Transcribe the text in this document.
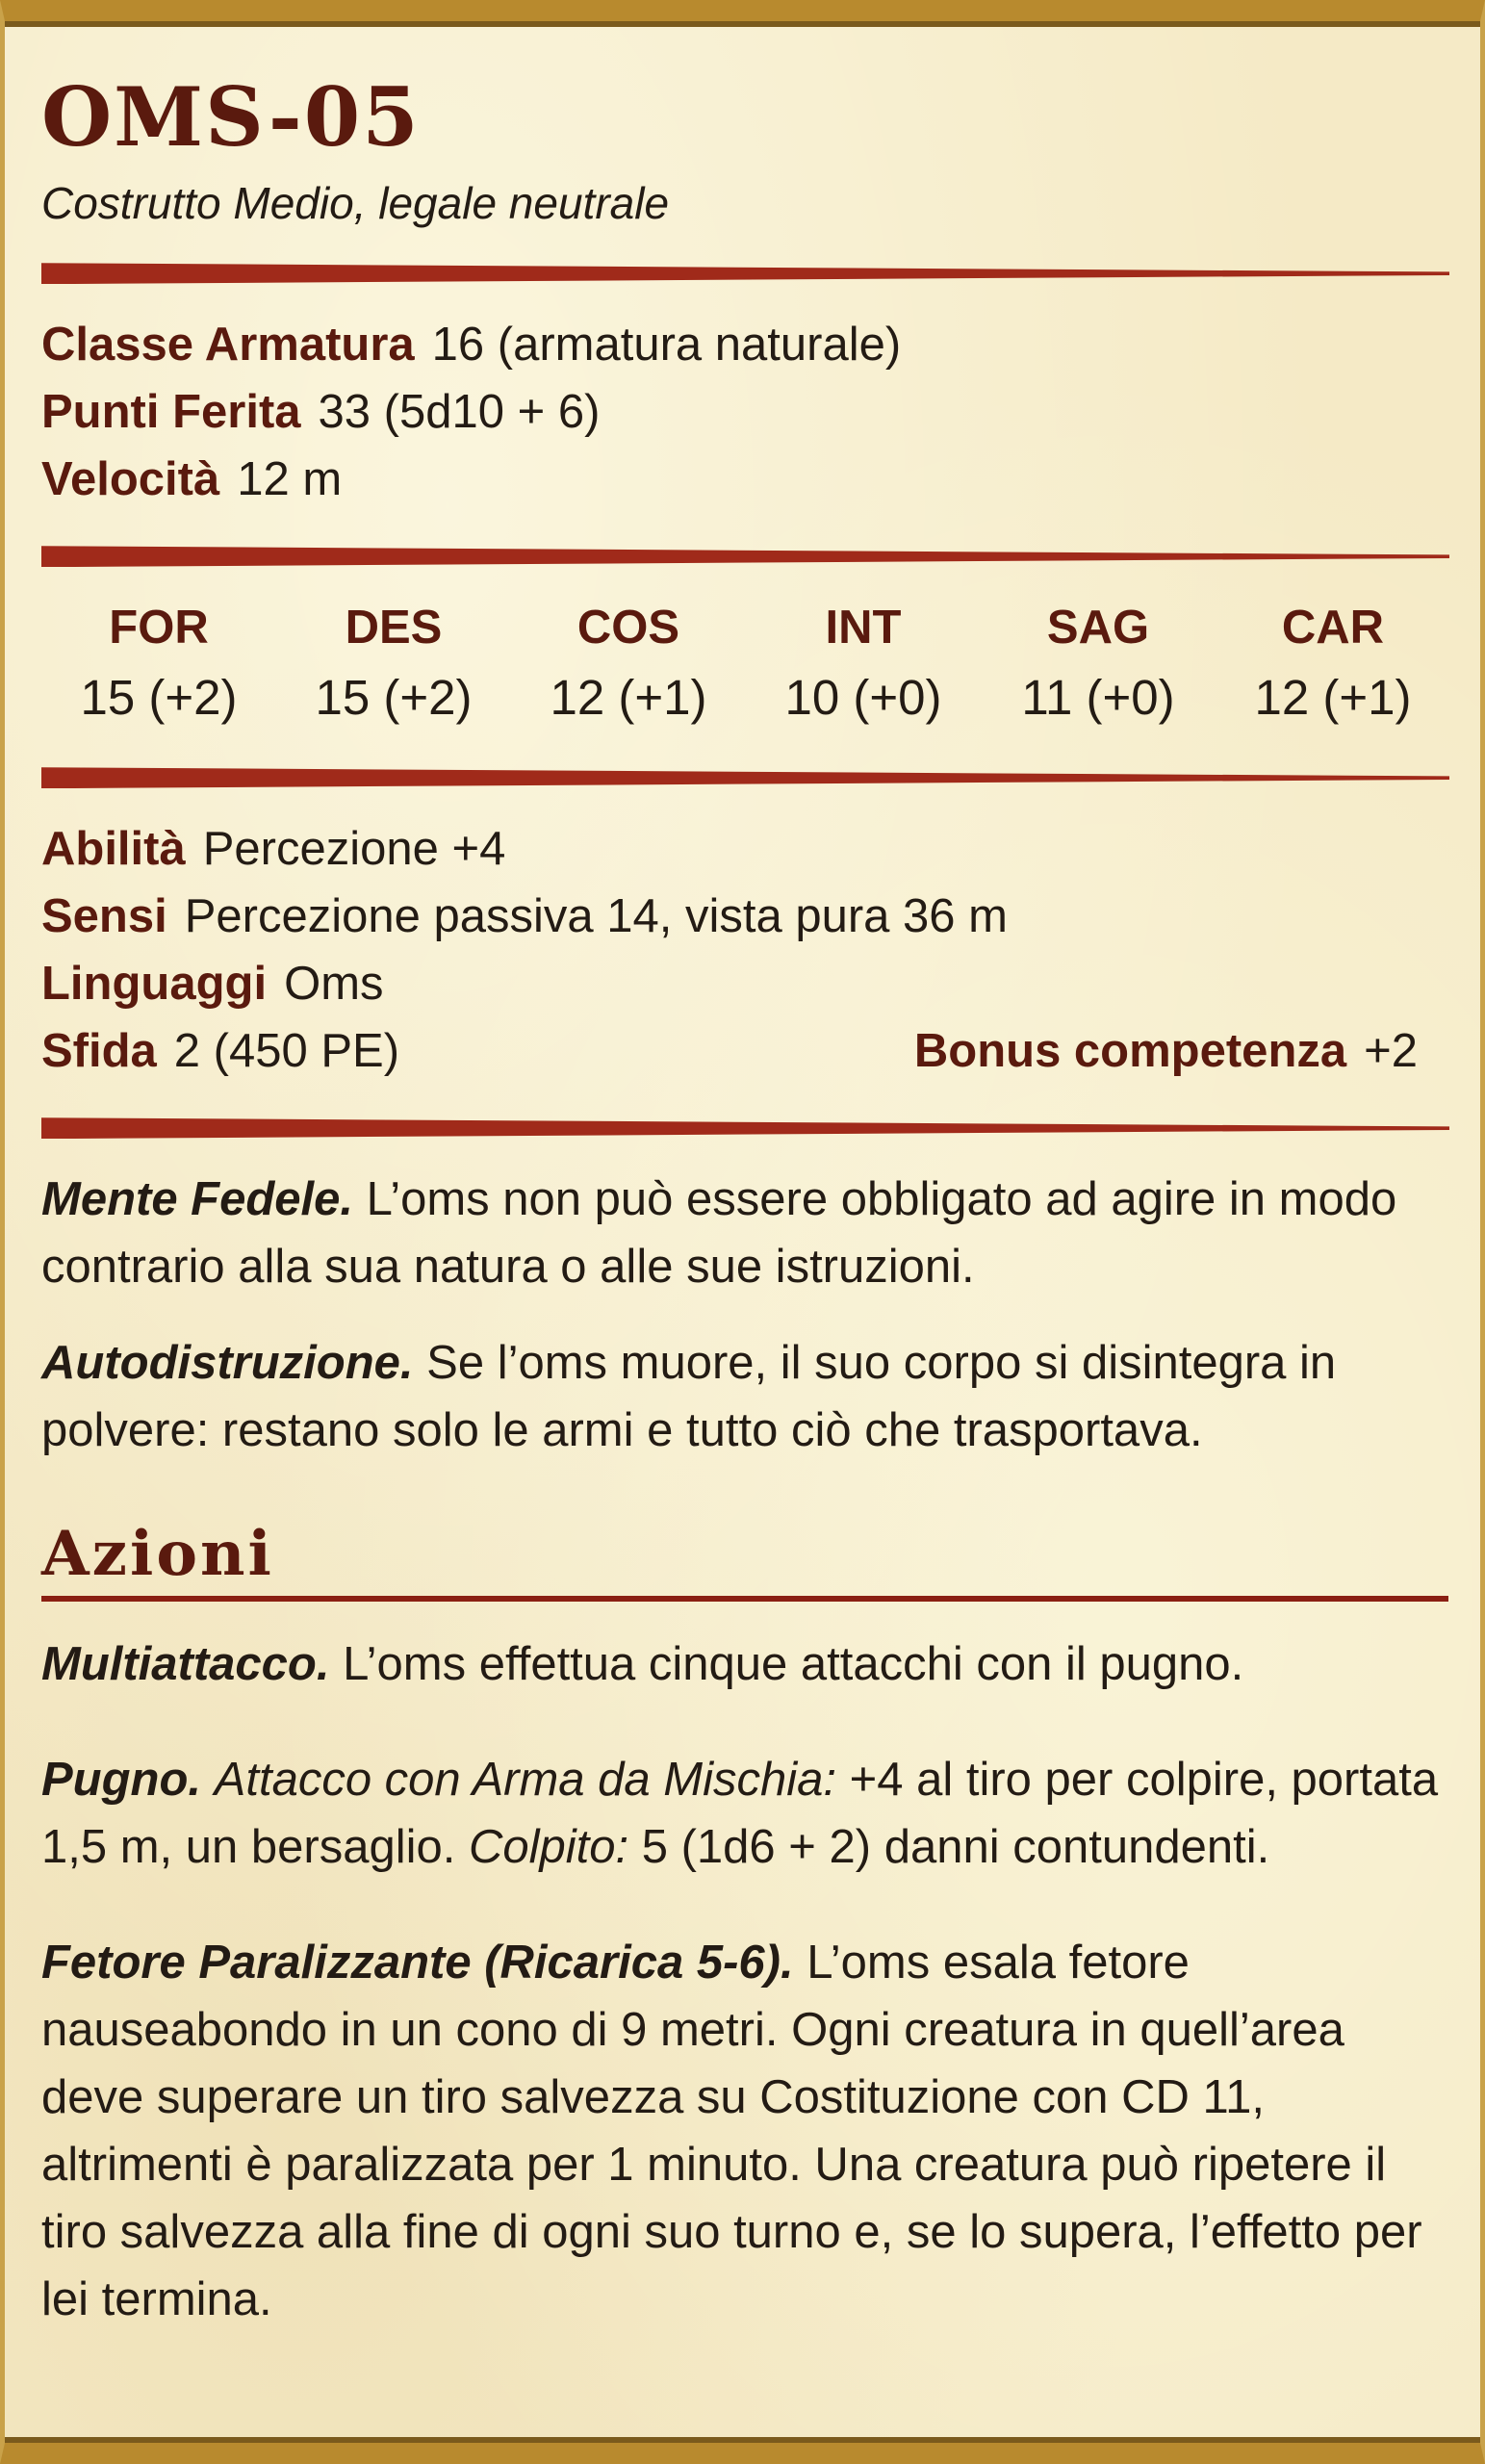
OMS-05
Costrutto Medio, legale neutrale
Classe Armatura 16 (armatura naturale)
Punti Ferita 33 (5d10 + 6)
Velocità 12 m
FOR
15 (+2)
DES
15 (+2)
COS
12 (+1)
INT
10 (+0)
SAG
11 (+0)
CAR
12 (+1)
Abilità Percezione +4
Sensi Percezione passiva 14, vista pura 36 m
Linguaggi Oms
Sfida 2 (450 PE)	Bonus competenza +2

Mente Fedele. L’oms non può essere obbligato ad agire in modo contrario alla sua natura o alle sue istruzioni.

Autodistruzione. Se l’oms muore, il suo corpo si disintegra in polvere: restano solo le armi e tutto ciò che trasportava.

Azioni

Multiattacco. L’oms effettua cinque attacchi con il pugno.

Pugno. Attacco con Arma da Mischia: +4 al tiro per colpire, portata 1,5 m, un bersaglio. Colpito: 5 (1d6 + 2) danni contundenti.

Fetore Paralizzante (Ricarica 5-6). L’oms esala fetore nauseabondo in un cono di 9 metri. Ogni creatura in quell’area deve superare un tiro salvezza su Costituzione con CD 11, altrimenti è paralizzata per 1 minuto. Una creatura può ripetere il tiro salvezza alla fine di ogni suo turno e, se lo supera, l’effetto per lei termina.
